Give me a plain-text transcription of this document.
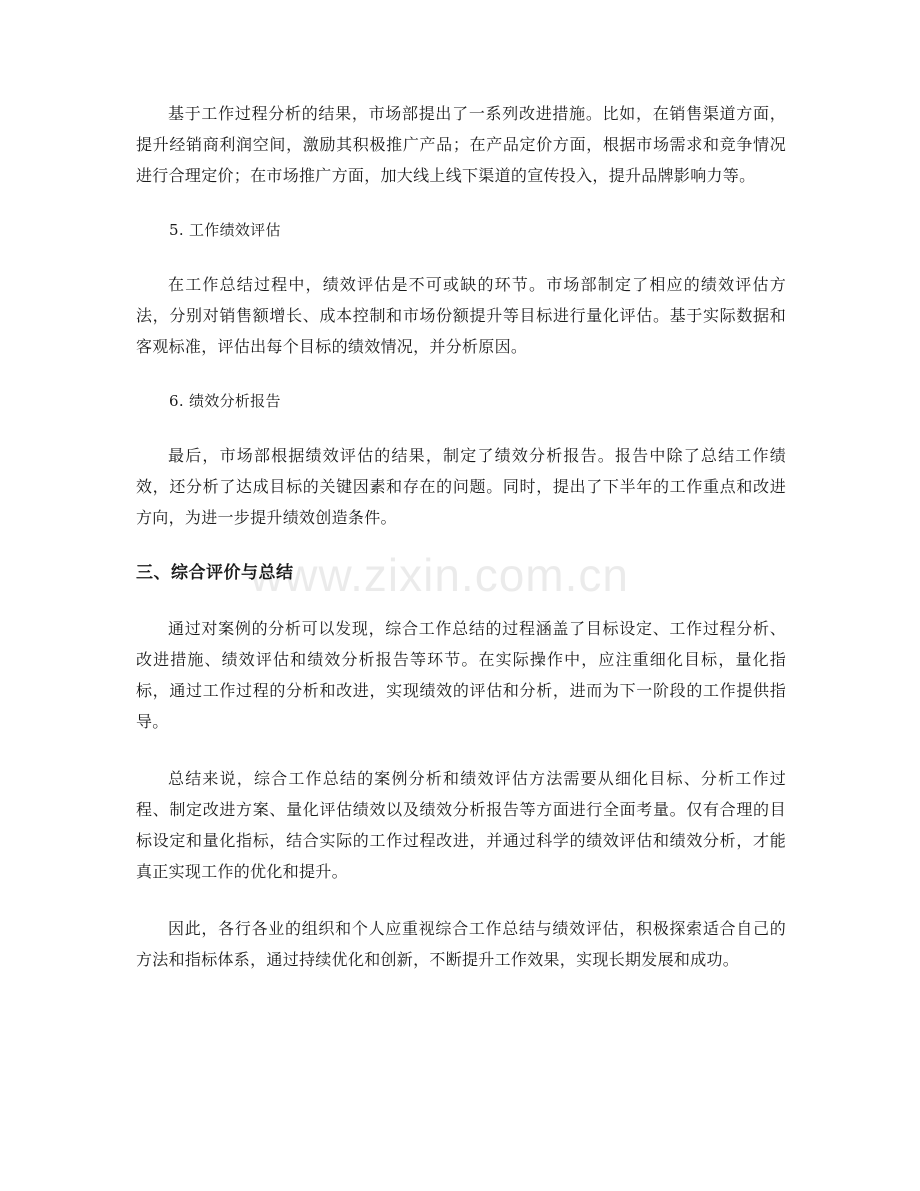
基于工作过程分析的结果，市场部提出了一系列改进措施。比如，在销售渠道方面，提升经销商利润空间，激励其积极推广产品；在产品定价方面，根据市场需求和竞争情况进行合理定价；在市场推广方面，加大线上线下渠道的宣传投入，提升品牌影响力等。

5. 工作绩效评估

在工作总结过程中，绩效评估是不可或缺的环节。市场部制定了相应的绩效评估方法，分别对销售额增长、成本控制和市场份额提升等目标进行量化评估。基于实际数据和客观标准，评估出每个目标的绩效情况，并分析原因。

6. 绩效分析报告

最后，市场部根据绩效评估的结果，制定了绩效分析报告。报告中除了总结工作绩效，还分析了达成目标的关键因素和存在的问题。同时，提出了下半年的工作重点和改进方向，为进一步提升绩效创造条件。

三、综合评价与总结

通过对案例的分析可以发现，综合工作总结的过程涵盖了目标设定、工作过程分析、改进措施、绩效评估和绩效分析报告等环节。在实际操作中，应注重细化目标，量化指标，通过工作过程的分析和改进，实现绩效的评估和分析，进而为下一阶段的工作提供指导。

总结来说，综合工作总结的案例分析和绩效评估方法需要从细化目标、分析工作过程、制定改进方案、量化评估绩效以及绩效分析报告等方面进行全面考量。仅有合理的目标设定和量化指标，结合实际的工作过程改进，并通过科学的绩效评估和绩效分析，才能真正实现工作的优化和提升。

因此，各行各业的组织和个人应重视综合工作总结与绩效评估，积极探索适合自己的方法和指标体系，通过持续优化和创新，不断提升工作效果，实现长期发展和成功。

www.zixin.com.cn
